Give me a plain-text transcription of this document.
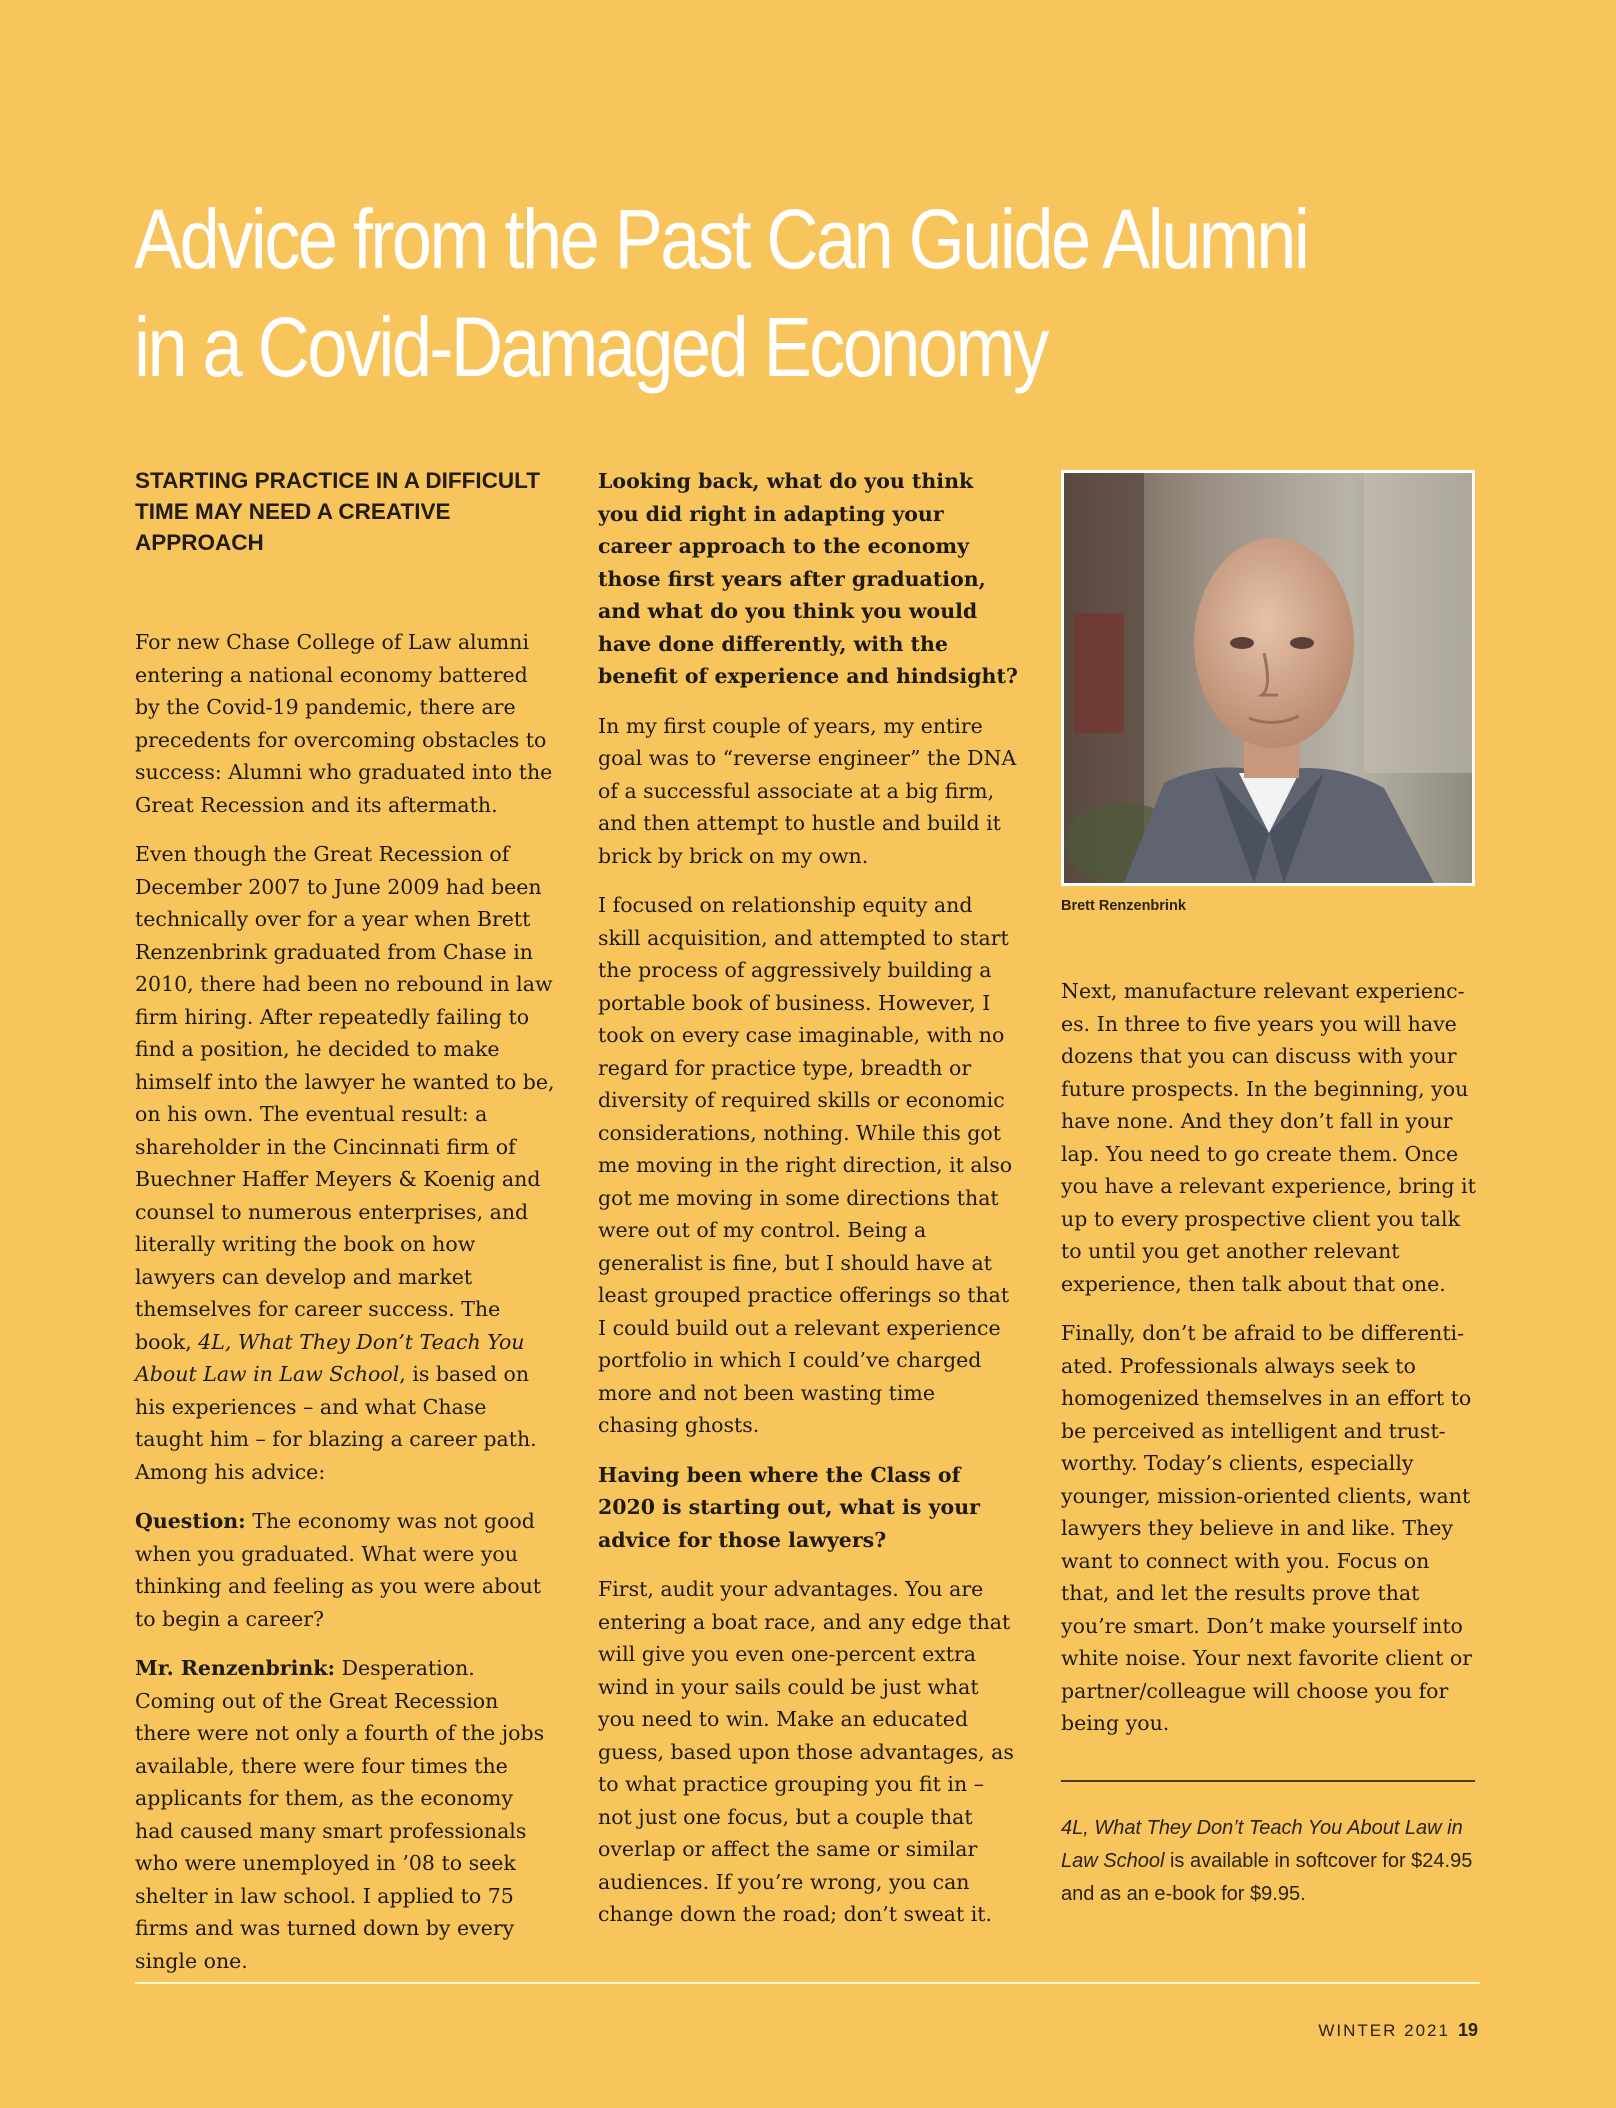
Advice from the Past Can Guide Alumni
in a Covid-Damaged Economy
STARTING PRACTICE IN A DIFFICULT
TIME MAY NEED A CREATIVE APPROACH

For new Chase College of Law alumni entering a national economy battered by the Covid-19 pandemic, there are precedents for overcoming obstacles to success: Alumni who graduated into the Great Recession and its aftermath.

Even though the Great Recession of December 2007 to June 2009 had been technically over for a year when Brett Renzenbrink graduated from Chase in 2010, there had been no rebound in law firm hiring. After repeatedly failing to find a position, he decided to make himself into the lawyer he wanted to be, on his own. The eventual result: a shareholder in the Cincinnati firm of Buechner Haffer Meyers & Koenig and counsel to numerous enterprises, and literally writing the book on how lawyers can develop and market themselves for career success. The book, 4L, What They Don’t Teach You About Law in Law School, is based on his experiences – and what Chase taught him – for blazing a career path. Among his advice:

Question: The economy was not good when you graduated. What were you thinking and feeling as you were about to begin a career?

Mr. Renzenbrink: Desperation. Coming out of the Great Recession there were not only a fourth of the jobs available, there were four times the applicants for them, as the economy had caused many smart professionals who were unemployed in ’08 to seek shelter in law school. I applied to 75 firms and was turned down by every single one.

Looking back, what do you think you did right in adapting your career approach to the economy those first years after graduation, and what do you think you would have done differently, with the benefit of experience and hindsight?

In my first couple of years, my entire goal was to “reverse engineer” the DNA of a successful associate at a big firm, and then attempt to hustle and build it brick by brick on my own.

I focused on relationship equity and skill acquisition, and attempted to start the process of aggressively building a portable book of business. However, I took on every case imaginable, with no regard for practice type, breadth or diversity of required skills or economic considerations, nothing. While this got me moving in the right direction, it also got me moving in some directions that were out of my control. Being a generalist is fine, but I should have at least grouped practice offerings so that I could build out a relevant experience portfolio in which I could’ve charged more and not been wasting time chasing ghosts.

Having been where the Class of 2020 is starting out, what is your advice for those lawyers?

First, audit your advantages. You are entering a boat race, and any edge that will give you even one-percent extra wind in your sails could be just what you need to win. Make an educated guess, based upon those advantages, as to what practice grouping you fit in – not just one focus, but a couple that overlap or affect the same or similar audiences. If you’re wrong, you can change down the road; don’t sweat it.

Brett Renzenbrink

Next, manufacture relevant experienc-es. In three to five years you will have dozens that you can discuss with your future prospects. In the beginning, you have none. And they don’t fall in your lap. You need to go create them. Once you have a relevant experience, bring it up to every prospective client you talk to until you get another relevant experience, then talk about that one.

Finally, don’t be afraid to be differenti-ated. Professionals always seek to homogenized themselves in an effort to be perceived as intelligent and trust-worthy. Today’s clients, especially younger, mission-oriented clients, want lawyers they believe in and like. They want to connect with you. Focus on that, and let the results prove that you’re smart. Don’t make yourself into white noise. Your next favorite client or partner/colleague will choose you for being you.

4L, What They Don’t Teach You About Law in Law School is available in softcover for $24.95 and as an e-book for $9.95.

WINTER 2021 19
